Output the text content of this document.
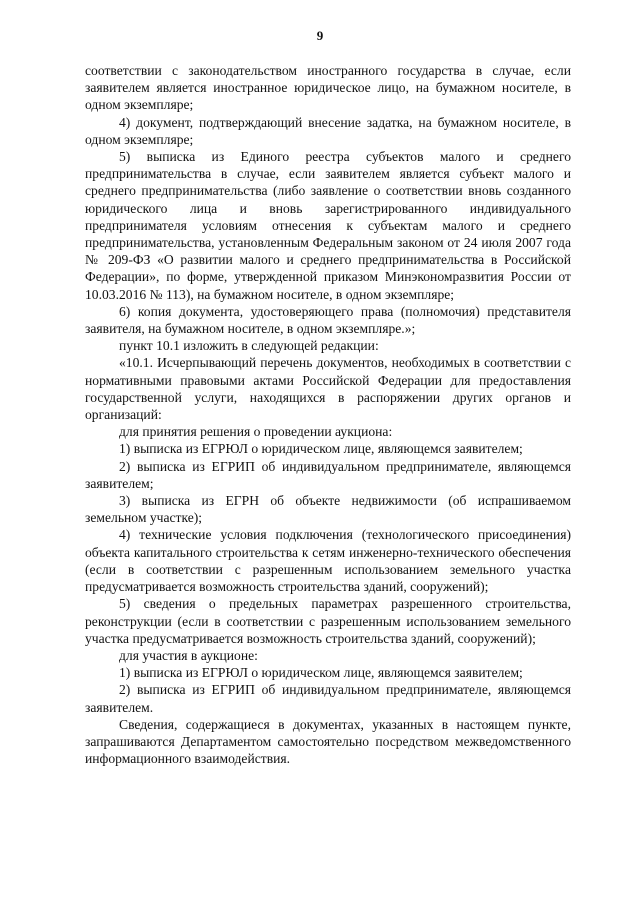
9

соответствии с законодательством иностранного государства в случае, если заявителем является иностранное юридическое лицо, на бумажном носителе, в одном экземпляре;

4) документ, подтверждающий внесение задатка, на бумажном носителе, в одном экземпляре;

5) выписка из Единого реестра субъектов малого и среднего предпринимательства в случае, если заявителем является субъект малого и среднего предпринимательства (либо заявление о соответствии вновь созданного юридического лица и вновь зарегистрированного индивидуального предпринимателя условиям отнесения к субъектам малого и среднего предпринимательства, установленным Федеральным законом от 24 июля 2007 года № 209-ФЗ «О развитии малого и среднего предпринимательства в Российской Федерации», по форме, утвержденной приказом Минэкономразвития России от 10.03.2016 № 113), на бумажном носителе, в одном экземпляре;

6) копия документа, удостоверяющего права (полномочия) представителя заявителя, на бумажном носителе, в одном экземпляре.»;

пункт 10.1 изложить в следующей редакции:

«10.1. Исчерпывающий перечень документов, необходимых в соответствии с нормативными правовыми актами Российской Федерации для предоставления государственной услуги, находящихся в распоряжении других органов и организаций:

для принятия решения о проведении аукциона:

1) выписка из ЕГРЮЛ о юридическом лице, являющемся заявителем;

2) выписка из ЕГРИП об индивидуальном предпринимателе, являющемся заявителем;

3) выписка из ЕГРН об объекте недвижимости (об испрашиваемом земельном участке);

4) технические условия подключения (технологического присоединения) объекта капитального строительства к сетям инженерно-технического обеспечения (если в соответствии с разрешенным использованием земельного участка предусматривается возможность строительства зданий, сооружений);

5) сведения о предельных параметрах разрешенного строительства, реконструкции (если в соответствии с разрешенным использованием земельного участка предусматривается возможность строительства зданий, сооружений);

для участия в аукционе:

1) выписка из ЕГРЮЛ о юридическом лице, являющемся заявителем;

2) выписка из ЕГРИП об индивидуальном предпринимателе, являющемся заявителем.

Сведения, содержащиеся в документах, указанных в настоящем пункте, запрашиваются Департаментом самостоятельно посредством межведомственного информационного взаимодействия.
